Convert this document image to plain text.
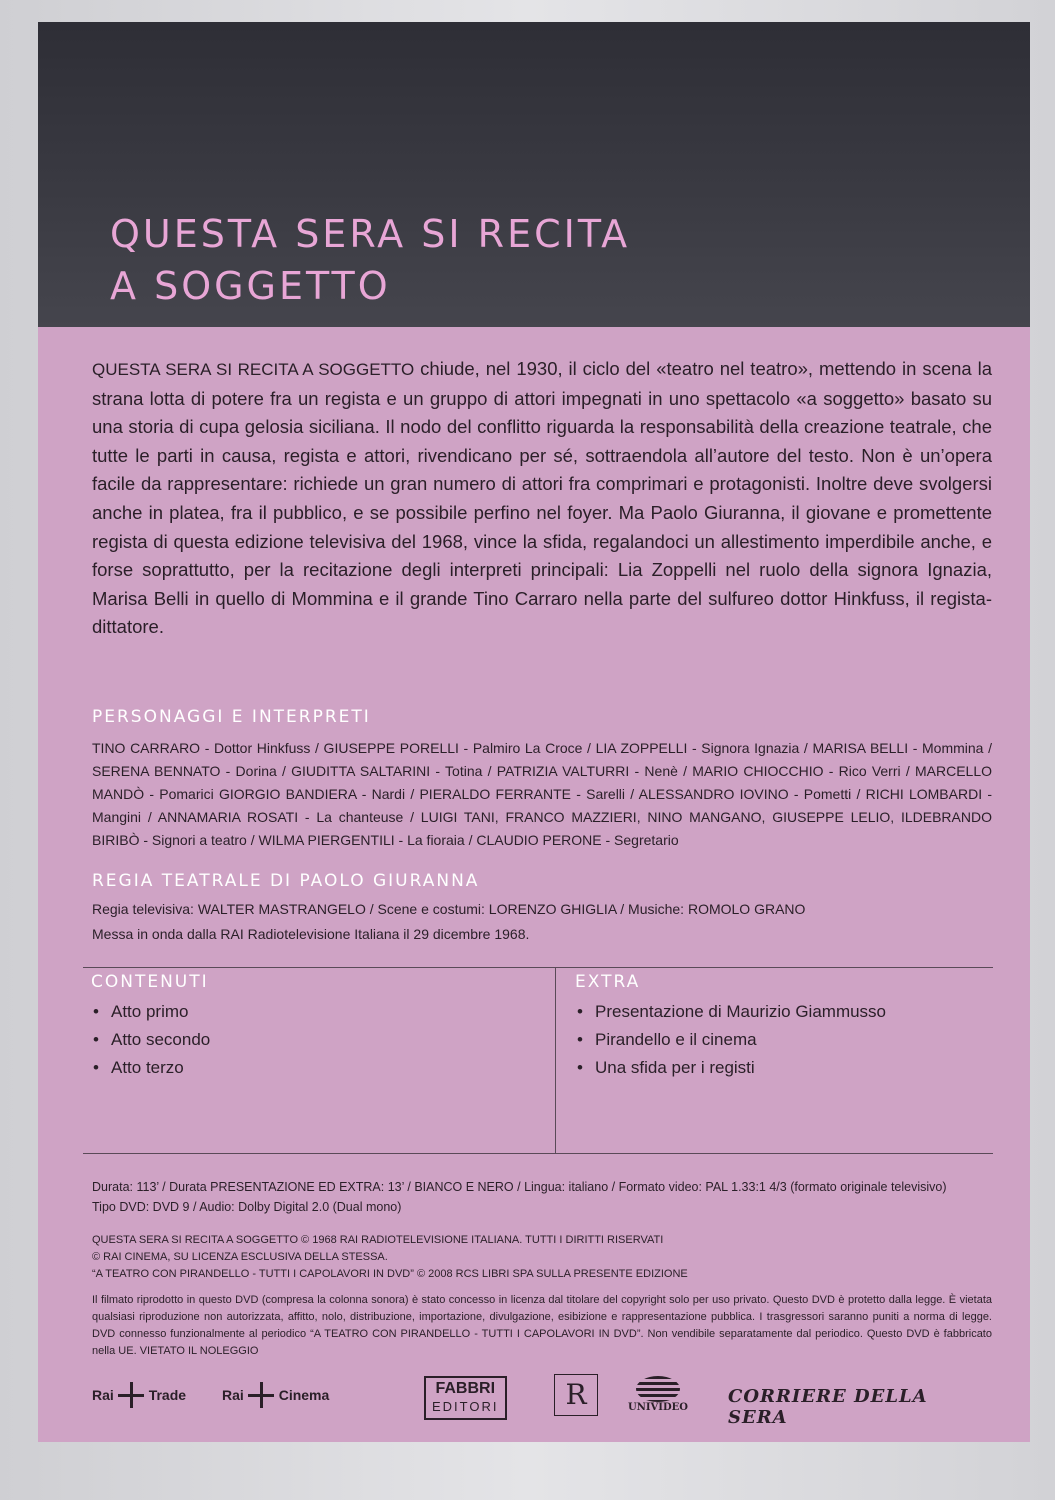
QUESTA SERA SI RECITA
A SOGGETTO

QUESTA SERA SI RECITA A SOGGETTO chiude, nel 1930, il ciclo del «teatro nel teatro», mettendo in scena la strana lotta di potere fra un regista e un gruppo di attori impegnati in uno spettacolo «a soggetto» basato su una storia di cupa gelosia siciliana. Il nodo del conflitto riguarda la responsabilità della creazione teatrale, che tutte le parti in causa, regista e attori, rivendicano per sé, sottraendola all’autore del testo. Non è un’opera facile da rappresentare: richiede un gran numero di attori fra comprimari e protagonisti. Inoltre deve svolgersi anche in platea, fra il pubblico, e se possibile perfino nel foyer. Ma Paolo Giuranna, il giovane e promettente regista di questa edizione televisiva del 1968, vince la sfida, regalandoci un allestimento imperdibile anche, e forse soprattutto, per la recitazione degli interpreti principali: Lia Zoppelli nel ruolo della signora Ignazia, Marisa Belli in quello di Mommina e il grande Tino Carraro nella parte del sulfureo dottor Hinkfuss, il regista-dittatore.

PERSONAGGI E INTERPRETI

TINO CARRARO - Dottor Hinkfuss / GIUSEPPE PORELLI - Palmiro La Croce / LIA ZOPPELLI - Signora Ignazia / MARISA BELLI - Mommina / SERENA BENNATO - Dorina / GIUDITTA SALTARINI - Totina / PATRIZIA VALTURRI - Nenè / MARIO CHIOCCHIO - Rico Verri / MARCELLO MANDÒ - Pomarici GIORGIO BANDIERA - Nardi / PIERALDO FERRANTE - Sarelli / ALESSANDRO IOVINO - Pometti / RICHI LOMBARDI - Mangini / ANNAMARIA ROSATI - La chanteuse / LUIGI TANI, FRANCO MAZZIERI, NINO MANGANO, GIUSEPPE LELIO, ILDEBRANDO BIRIBÒ - Signori a teatro / WILMA PIERGENTILI - La fioraia / CLAUDIO PERONE - Segretario

REGIA TEATRALE DI PAOLO GIURANNA
Regia televisiva: WALTER MASTRANGELO / Scene e costumi: LORENZO GHIGLIA / Musiche: ROMOLO GRANO
Messa in onda dalla RAI Radiotelevisione Italiana il 29 dicembre 1968.
CONTENUTI
• Atto primo
• Atto secondo
• Atto terzo
EXTRA
• Presentazione di Maurizio Giammusso
• Pirandello e il cinema
• Una sfida per i registi
Durata: 113’ / Durata PRESENTAZIONE ED EXTRA: 13’ / BIANCO E NERO / Lingua: italiano / Formato video: PAL 1.33:1 4/3 (formato originale televisivo)
Tipo DVD: DVD 9 / Audio: Dolby Digital 2.0 (Dual mono)
QUESTA SERA SI RECITA A SOGGETTO © 1968 RAI RADIOTELEVISIONE ITALIANA. TUTTI I DIRITTI RISERVATI
© RAI CINEMA, SU LICENZA ESCLUSIVA DELLA STESSA.
“A TEATRO CON PIRANDELLO - TUTTI I CAPOLAVORI IN DVD” © 2008 RCS LIBRI SPA SULLA PRESENTE EDIZIONE

Il filmato riprodotto in questo DVD (compresa la colonna sonora) è stato concesso in licenza dal titolare del copyright solo per uso privato. Questo DVD è protetto dalla legge. È vietata qualsiasi riproduzione non autorizzata, affitto, nolo, distribuzione, importazione, divulgazione, esibizione e rappresentazione pubblica. I trasgressori saranno puniti a norma di legge. DVD connesso funzionalmente al periodico “A TEATRO CON PIRANDELLO - TUTTI I CAPOLAVORI IN DVD”. Non vendibile separatamente dal periodico. Questo DVD è fabbricato nella UE. VIETATO IL NOLEGGIO

Rai Trade	Rai Cinema	FABBRI
EDITORI	R	UNIVIDEO
CORRIERE DELLA SERA
